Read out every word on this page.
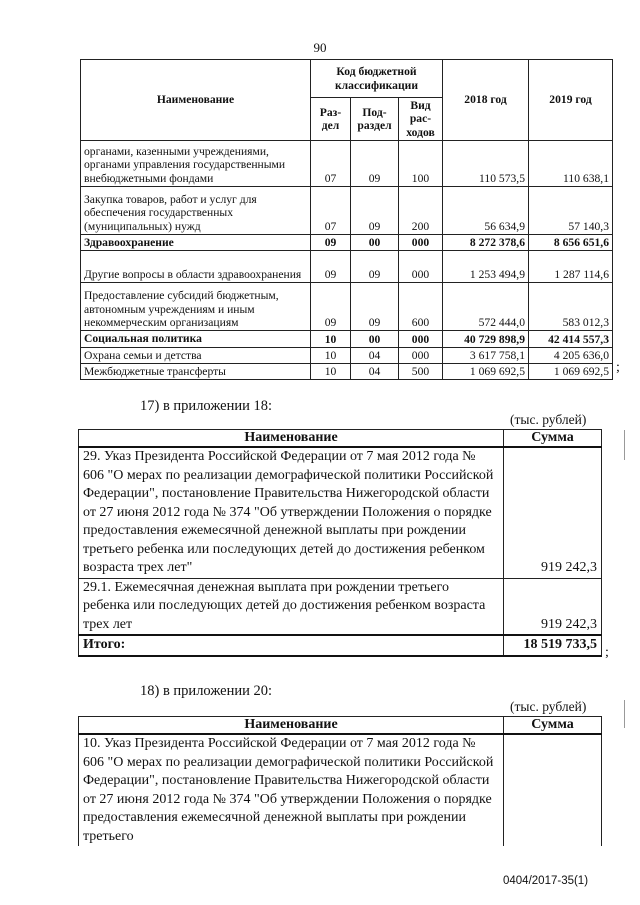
90
Наименование	Код бюджетной классификации			2018 год	2019 год
	Раз-дел	Под-раздел	Вид рас-ходов		
органами, казенными учреждениями, органами управления государственными внебюджетными фондами	07	09	100	110 573,5	110 638,1
Закупка товаров, работ и услуг для обеспечения государственных (муниципальных) нужд	07	09	200	56 634,9	57 140,3
Здравоохранение	09	00	000	8 272 378,6	8 656 651,6
Другие вопросы в области здравоохранения	09	09	000	1 253 494,9	1 287 114,6
Предоставление субсидий бюджетным, автономным учреждениям и иным некоммерческим организациям	09	09	600	572 444,0	583 012,3
Социальная политика	10	00	000	40 729 898,9	42 414 557,3
Охрана семьи и детства	10	04	000	3 617 758,1	4 205 636,0
Межбюджетные трансферты	10	04	500	1 069 692,5	1 069 692,5 ;
17) в приложении 18:
(тыс. рублей)
Наименование	Сумма
29. Указ Президента Российской Федерации от 7 мая 2012 года № 606 "О мерах по реализации демографической политики Российской Федерации", постановление Правительства Нижегородской области от 27 июня 2012 года № 374 "Об утверждении Положения о порядке предоставления ежемесячной денежной выплаты при рождении третьего ребенка или последующих детей до достижения ребенком возраста трех лет"	919 242,3
29.1. Ежемесячная денежная выплата при рождении третьего ребенка или последующих детей до достижения ребенком возраста трех лет	919 242,3
Итого:	18 519 733,5
;
18) в приложении 20:
(тыс. рублей)
Наименование	Сумма
10. Указ Президента Российской Федерации от 7 мая 2012 года № 606 "О мерах по реализации демографической политики Российской Федерации", постановление Правительства Нижегородской области от 27 июня 2012 года № 374 "Об утверждении Положения о порядке предоставления ежемесячной денежной выплаты при рождении третьего	
0404/2017-35(1)
